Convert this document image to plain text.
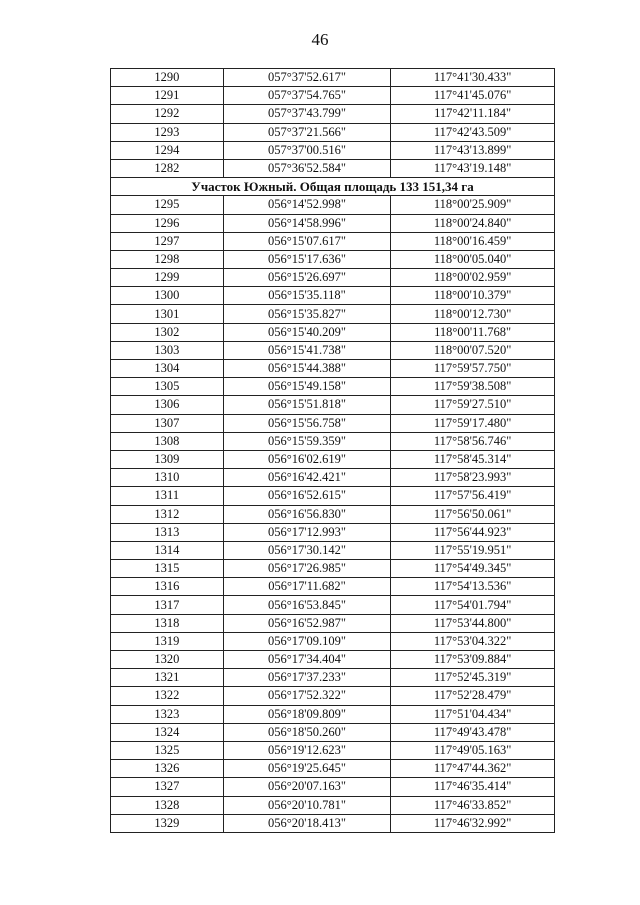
46
1290	057°37'52.617"	117°41'30.433"
1291	057°37'54.765"	117°41'45.076"
1292	057°37'43.799"	117°42'11.184"
1293	057°37'21.566"	117°42'43.509"
1294	057°37'00.516"	117°43'13.899"
1282	057°36'52.584"	117°43'19.148"
Участок Южный. Общая площадь 133 151,34 га		
1295	056°14'52.998"	118°00'25.909"
1296	056°14'58.996"	118°00'24.840"
1297	056°15'07.617"	118°00'16.459"
1298	056°15'17.636"	118°00'05.040"
1299	056°15'26.697"	118°00'02.959"
1300	056°15'35.118"	118°00'10.379"
1301	056°15'35.827"	118°00'12.730"
1302	056°15'40.209"	118°00'11.768"
1303	056°15'41.738"	118°00'07.520"
1304	056°15'44.388"	117°59'57.750"
1305	056°15'49.158"	117°59'38.508"
1306	056°15'51.818"	117°59'27.510"
1307	056°15'56.758"	117°59'17.480"
1308	056°15'59.359"	117°58'56.746"
1309	056°16'02.619"	117°58'45.314"
1310	056°16'42.421"	117°58'23.993"
1311	056°16'52.615"	117°57'56.419"
1312	056°16'56.830"	117°56'50.061"
1313	056°17'12.993"	117°56'44.923"
1314	056°17'30.142"	117°55'19.951"
1315	056°17'26.985"	117°54'49.345"
1316	056°17'11.682"	117°54'13.536"
1317	056°16'53.845"	117°54'01.794"
1318	056°16'52.987"	117°53'44.800"
1319	056°17'09.109"	117°53'04.322"
1320	056°17'34.404"	117°53'09.884"
1321	056°17'37.233"	117°52'45.319"
1322	056°17'52.322"	117°52'28.479"
1323	056°18'09.809"	117°51'04.434"
1324	056°18'50.260"	117°49'43.478"
1325	056°19'12.623"	117°49'05.163"
1326	056°19'25.645"	117°47'44.362"
1327	056°20'07.163"	117°46'35.414"
1328	056°20'10.781"	117°46'33.852"
1329	056°20'18.413"	117°46'32.992"
